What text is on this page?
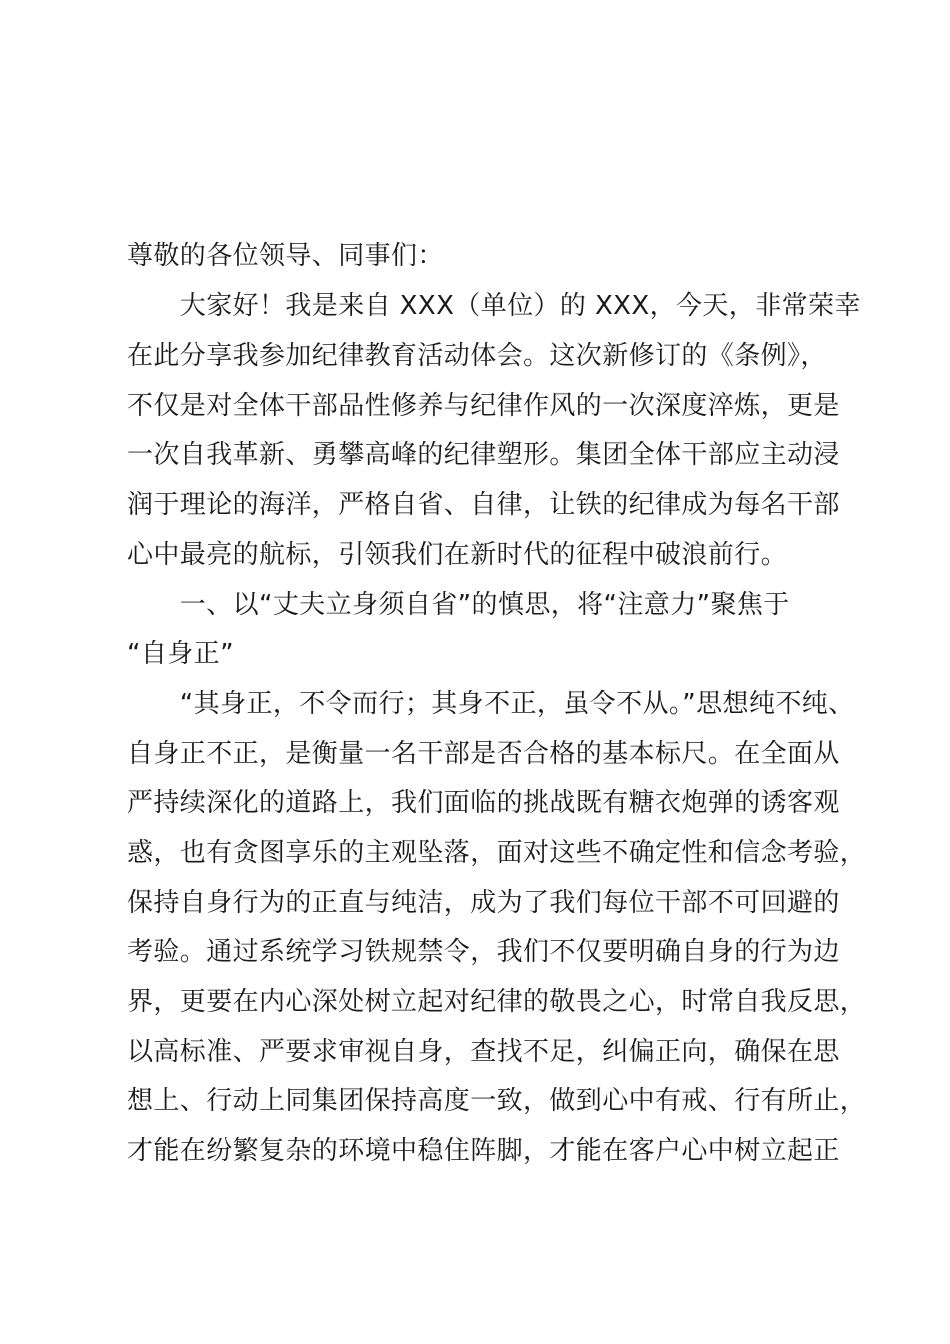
尊敬的各位领导、同事们：
　　大家好！我是来自 XXX（单位）的 XXX，今天，非常荣幸
在此分享我参加纪律教育活动体会。这次新修订的《条例》，
不仅是对全体干部品性修养与纪律作风的一次深度淬炼，更是
一次自我革新、勇攀高峰的纪律塑形。集团全体干部应主动浸
润于理论的海洋，严格自省、自律，让铁的纪律成为每名干部
心中最亮的航标，引领我们在新时代的征程中破浪前行。
　　一、以“丈夫立身须自省”的慎思，将“注意力”聚焦于
“自身正”
　　“其身正，不令而行；其身不正，虽令不从。”思想纯不纯、
自身正不正，是衡量一名干部是否合格的基本标尺。在全面从
严持续深化的道路上，我们面临的挑战既有糖衣炮弹的诱客观
惑，也有贪图享乐的主观坠落，面对这些不确定性和信念考验，
保持自身行为的正直与纯洁，成为了我们每位干部不可回避的
考验。通过系统学习铁规禁令，我们不仅要明确自身的行为边
界，更要在内心深处树立起对纪律的敬畏之心，时常自我反思，
以高标准、严要求审视自身，查找不足，纠偏正向，确保在思
想上、行动上同集团保持高度一致，做到心中有戒、行有所止，
才能在纷繁复杂的环境中稳住阵脚，才能在客户心中树立起正
